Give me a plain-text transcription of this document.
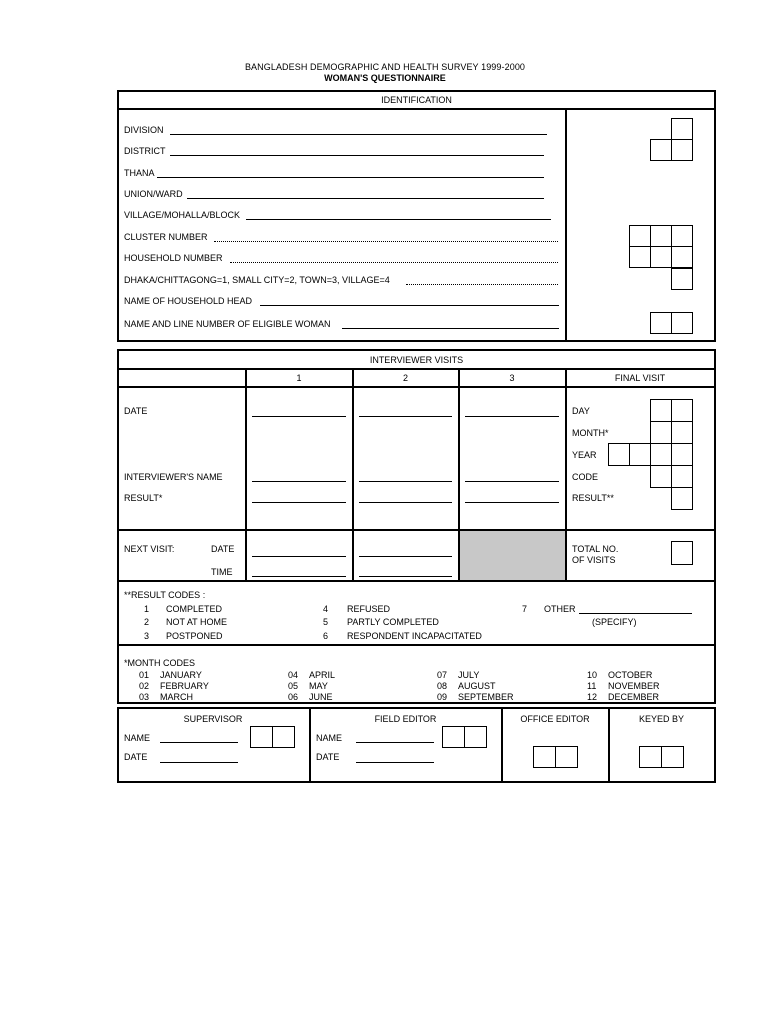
BANGLADESH DEMOGRAPHIC AND HEALTH SURVEY 1999-2000
WOMAN'S QUESTIONNAIRE
IDENTIFICATION
DIVISION
DISTRICT
THANA
UNION/WARD
VILLAGE/MOHALLA/BLOCK
CLUSTER NUMBER
HOUSEHOLD NUMBER
DHAKA/CHITTAGONG=1, SMALL CITY=2, TOWN=3, VILLAGE=4
NAME OF HOUSEHOLD HEAD
NAME AND LINE NUMBER OF ELIGIBLE WOMAN
INTERVIEWER VISITS
1	2	3	FINAL VISIT
DATE
INTERVIEWER'S NAME
RESULT*
DAY
MONTH*
YEAR
CODE
RESULT**
NEXT VISIT:	DATE
TIME
TOTAL NO.
OF VISITS
**RESULT CODES :
1 COMPLETED
2 NOT AT HOME
3 POSTPONED
4 REFUSED
5 PARTLY COMPLETED
6 RESPONDENT INCAPACITATED
7 OTHER
(SPECIFY)
*MONTH CODES
01 JANUARY
02 FEBRUARY
03 MARCH
04 APRIL
05 MAY
06 JUNE
07 JULY
08 AUGUST
09 SEPTEMBER
10 OCTOBER
11 NOVEMBER
12 DECEMBER
SUPERVISOR	FIELD EDITOR	OFFICE EDITOR	KEYED BY
NAME
DATE
NAME
DATE
